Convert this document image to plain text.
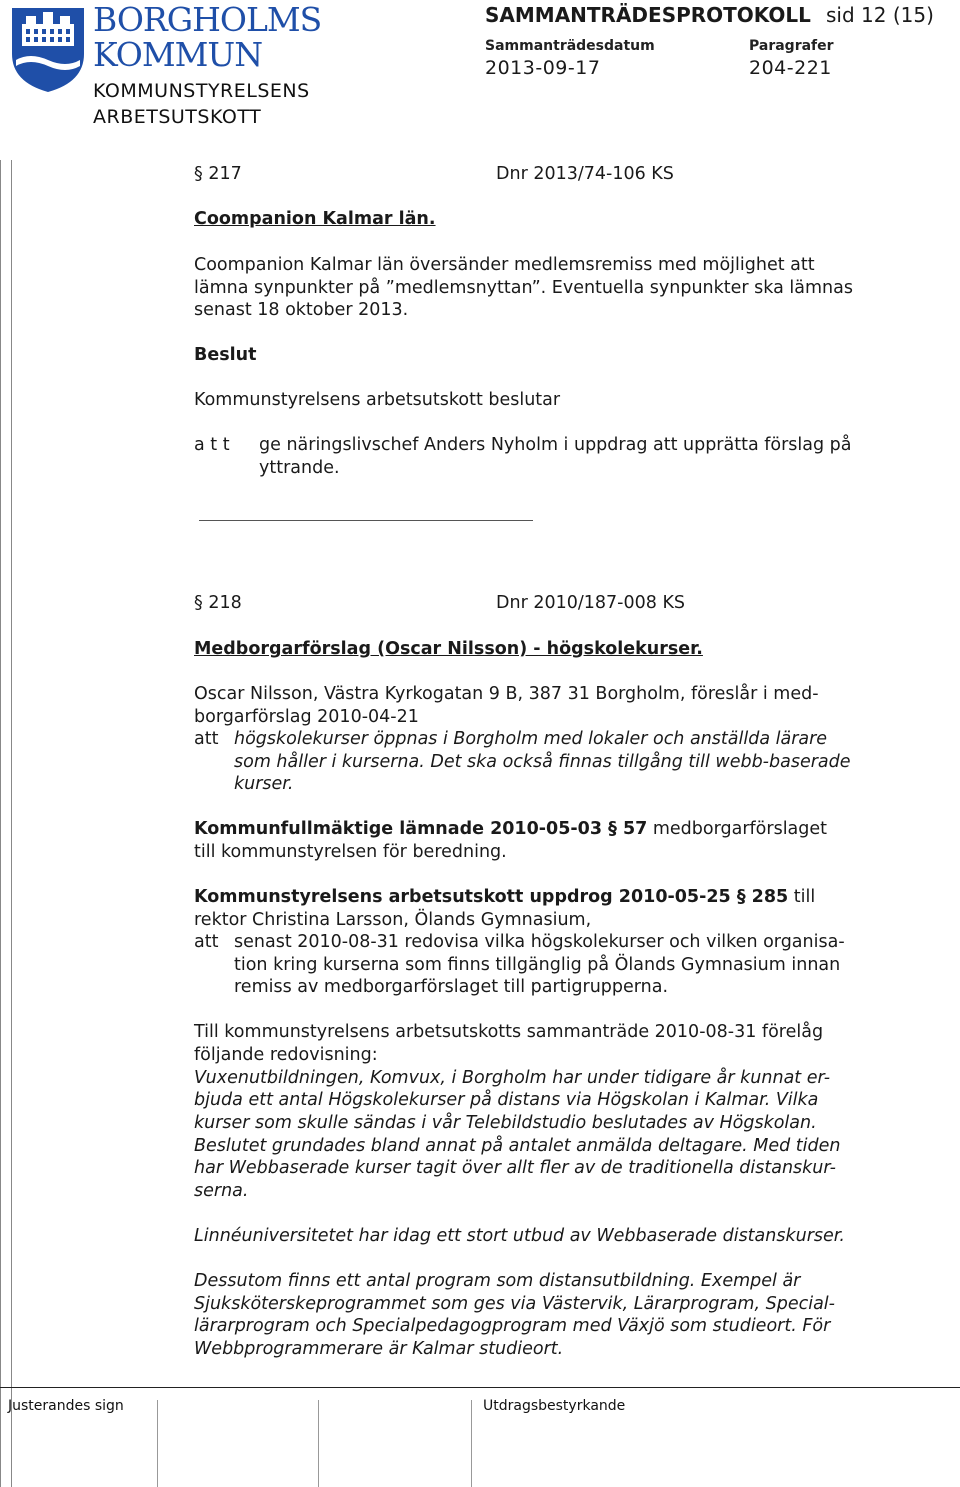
BORGHOLMS
KOMMUN
KOMMUNSTYRELSENS
ARBETSUTSKOTT
SAMMANTRÄDESPROTOKOLL sid 12 (15)
Sammanträdesdatum
2013-09-17
Paragrafer
204-221
§ 217	Dnr 2013/74-106 KS
Coompanion Kalmar län.
Coompanion Kalmar län översänder medlemsremiss med möjlighet att
lämna synpunkter på ”medlemsnyttan”. Eventuella synpunkter ska lämnas
senast 18 oktober 2013.
Beslut
Kommunstyrelsens arbetsutskott beslutar
a t t ge näringslivschef Anders Nyholm i uppdrag att upprätta förslag på
yttrande.
§ 218	Dnr 2010/187-008 KS
Medborgarförslag (Oscar Nilsson) - högskolekurser.
Oscar Nilsson, Västra Kyrkogatan 9 B, 387 31 Borgholm, föreslår i med-
borgarförslag 2010-04-21
att högskolekurser öppnas i Borgholm med lokaler och anställda lärare
som håller i kurserna. Det ska också finnas tillgång till webb-baserade
kurser.
Kommunfullmäktige lämnade 2010-05-03 § 57 medborgarförslaget
till kommunstyrelsen för beredning.
Kommunstyrelsens arbetsutskott uppdrog 2010-05-25 § 285 till
rektor Christina Larsson, Ölands Gymnasium,
att senast 2010-08-31 redovisa vilka högskolekurser och vilken organisa-
tion kring kurserna som finns tillgänglig på Ölands Gymnasium innan
remiss av medborgarförslaget till partigrupperna.
Till kommunstyrelsens arbetsutskotts sammanträde 2010-08-31 förelåg
följande redovisning:
Vuxenutbildningen, Komvux, i Borgholm har under tidigare år kunnat er-
bjuda ett antal Högskolekurser på distans via Högskolan i Kalmar. Vilka
kurser som skulle sändas i vår Telebildstudio beslutades av Högskolan.
Beslutet grundades bland annat på antalet anmälda deltagare. Med tiden
har Webbaserade kurser tagit över allt fler av de traditionella distanskur-
serna.
Linnéuniversitetet har idag ett stort utbud av Webbaserade distanskurser.
Dessutom finns ett antal program som distansutbildning. Exempel är
Sjuksköterskeprogrammet som ges via Västervik, Lärarprogram, Special-
lärarprogram och Specialpedagogprogram med Växjö som studieort. För
Webbprogrammerare är Kalmar studieort.
Justerandes sign	Utdragsbestyrkande
